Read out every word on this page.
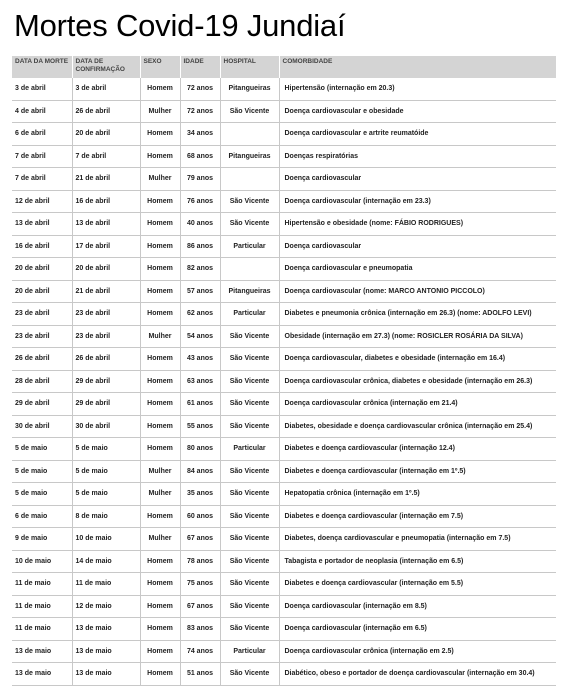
Mortes Covid-19 Jundiaí
DATA DA MORTE	DATA DE CONFIRMAÇÃO	SEXO	IDADE	HOSPITAL	COMORBIDADE
3 de abril	3 de abril	Homem	72 anos	Pitangueiras	Hipertensão (internação em 20.3)
4 de abril	26 de abril	Mulher	72 anos	São Vicente	Doença cardiovascular e obesidade
6 de abril	20 de abril	Homem	34 anos		Doença cardiovascular e artrite reumatóide
7 de abril	7 de abril	Homem	68 anos	Pitangueiras	Doenças respiratórias
7 de abril	21 de abril	Mulher	79 anos		Doença cardiovascular
12 de abril	16 de abril	Homem	76 anos	São Vicente	Doença cardiovascular (internação em 23.3)
13 de abril	13 de abril	Homem	40 anos	São Vicente	Hipertensão e obesidade (nome: FÁBIO RODRIGUES)
16 de abril	17 de abril	Homem	86 anos	Particular	Doença cardiovascular
20 de abril	20 de abril	Homem	82 anos		Doença cardiovascular e pneumopatia
20 de abril	21 de abril	Homem	57 anos	Pitangueiras	Doença cardiovascular (nome: MARCO ANTONIO PICCOLO)
23 de abril	23 de abril	Homem	62 anos	Particular	Diabetes e pneumonia crônica (internação em 26.3) (nome: ADOLFO LEVI)
23 de abril	23 de abril	Mulher	54 anos	São Vicente	Obesidade (internação em 27.3) (nome: ROSICLER ROSÁRIA DA SILVA)
26 de abril	26 de abril	Homem	43 anos	São Vicente	Doença cardiovascular, diabetes e obesidade (internação em 16.4)
28 de abril	29 de abril	Homem	63 anos	São Vicente	Doença cardiovascular crônica, diabetes e obesidade (internação em 26.3)
29 de abril	29 de abril	Homem	61 anos	São Vicente	Doença cardiovascular crônica (internação em 21.4)
30 de abril	30 de abril	Homem	55 anos	São Vicente	Diabetes, obesidade e doença cardiovascular crônica (internação em 25.4)
5 de maio	5 de maio	Homem	80 anos	Particular	Diabetes e doença cardiovascular (internação 12.4)
5 de maio	5 de maio	Mulher	84 anos	São Vicente	Diabetes e doença cardiovascular (internação em 1º.5)
5 de maio	5 de maio	Mulher	35 anos	São Vicente	Hepatopatia crônica (internação em 1º.5)
6 de maio	8 de maio	Homem	60 anos	São Vicente	Diabetes e doença cardiovascular (internação em 7.5)
9 de maio	10 de maio	Mulher	67 anos	São Vicente	Diabetes, doença cardiovascular e pneumopatia (internação em 7.5)
10 de maio	14 de maio	Homem	78 anos	São Vicente	Tabagista e portador de neoplasia (internação em 6.5)
11 de maio	11 de maio	Homem	75 anos	São Vicente	Diabetes e doença cardiovascular (internação em 5.5)
11 de maio	12 de maio	Homem	67 anos	São Vicente	Doença cardiovascular (internação em 8.5)
11 de maio	13 de maio	Homem	83 anos	São Vicente	Doença cardiovascular (internação em 6.5)
13 de maio	13 de maio	Homem	74 anos	Particular	Doença cardiovascular crônica (internação em 2.5)
13 de maio	13 de maio	Homem	51 anos	São Vicente	Diabético, obeso e portador de doença cardiovascular (internação em 30.4)
